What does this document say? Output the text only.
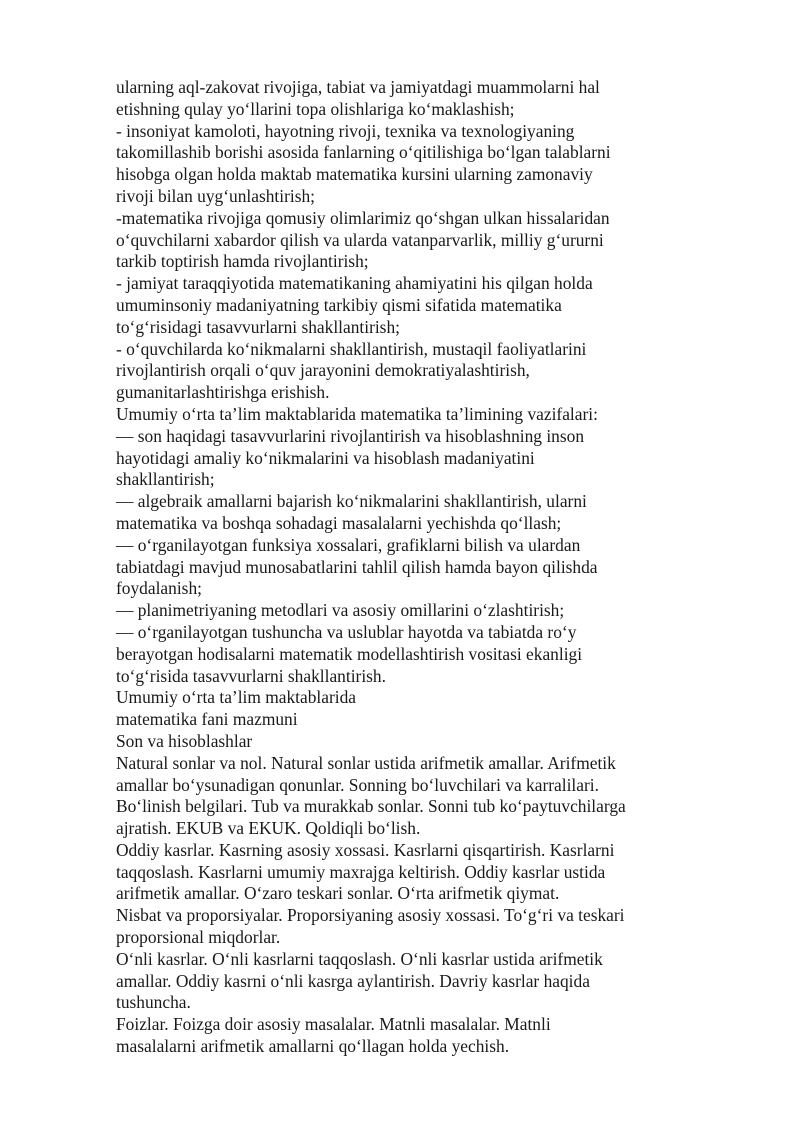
ularning aql-zakovat rivojiga, tabiat va jamiyatdagi muammolarni hal
etishning qulay yo‘llarini topa olishlariga ko‘maklashish;
- insoniyat kamoloti, hayotning rivoji, texnika va texnologiyaning
takomillashib borishi asosida fanlarning o‘qitilishiga bo‘lgan talablarni
hisobga olgan holda maktab matematika kursini ularning zamonaviy
rivoji bilan uyg‘unlashtirish;
-matematika rivojiga qomusiy olimlarimiz qo‘shgan ulkan hissalaridan
o‘quvchilarni xabardor qilish va ularda vatanparvarlik, milliy g‘ururni
tarkib toptirish hamda rivojlantirish;
- jamiyat taraqqiyotida matematikaning ahamiyatini his qilgan holda
umuminsoniy madaniyatning tarkibiy qismi sifatida matematika
to‘g‘risidagi tasavvurlarni shakllantirish;
- o‘quvchilarda ko‘nikmalarni shakllantirish, mustaqil faoliyatlarini
rivojlantirish orqali o‘quv jarayonini demokratiyalashtirish,
gumanitarlashtirishga erishish.
Umumiy o‘rta ta’lim maktablarida matematika ta’limining vazifalari:
— son haqidagi tasavvurlarini rivojlantirish va hisoblashning inson
hayotidagi amaliy ko‘nikmalarini va hisoblash madaniyatini
shakllantirish;
— algebraik amallarni bajarish ko‘nikmalarini shakllantirish, ularni
matematika va boshqa sohadagi masalalarni yechishda qo‘llash;
— o‘rganilayotgan funksiya xossalari, grafiklarni bilish va ulardan
tabiatdagi mavjud munosabatlarini tahlil qilish hamda bayon qilishda
foydalanish;
— planimetriyaning metodlari va asosiy omillarini o‘zlashtirish;
— o‘rganilayotgan tushuncha va uslublar hayotda va tabiatda ro‘y
berayotgan hodisalarni matematik modellashtirish vositasi ekanligi
to‘g‘risida tasavvurlarni shakllantirish.
Umumiy o‘rta ta’lim maktablarida
matematika fani mazmuni
Son va hisoblashlar
Natural sonlar va nol. Natural sonlar ustida arifmetik amallar. Arifmetik
amallar bo‘ysunadigan qonunlar. Sonning bo‘luvchilari va karralilari.
Bo‘linish belgilari. Tub va murakkab sonlar. Sonni tub ko‘paytuvchilarga
ajratish. EKUB va EKUK. Qoldiqli bo‘lish.
Oddiy kasrlar. Kasrning asosiy xossasi. Kasrlarni qisqartirish. Kasrlarni
taqqoslash. Kasrlarni umumiy maxrajga keltirish. Oddiy kasrlar ustida
arifmetik amallar. O‘zaro teskari sonlar. O‘rta arifmetik qiymat.
Nisbat va proporsiyalar. Proporsiyaning asosiy xossasi. To‘g‘ri va teskari
proporsional miqdorlar.
O‘nli kasrlar. O‘nli kasrlarni taqqoslash. O‘nli kasrlar ustida arifmetik
amallar. Oddiy kasrni o‘nli kasrga aylantirish. Davriy kasrlar haqida
tushuncha.
Foizlar. Foizga doir asosiy masalalar. Matnli masalalar. Matnli
masalalarni arifmetik amallarni qo‘llagan holda yechish.
